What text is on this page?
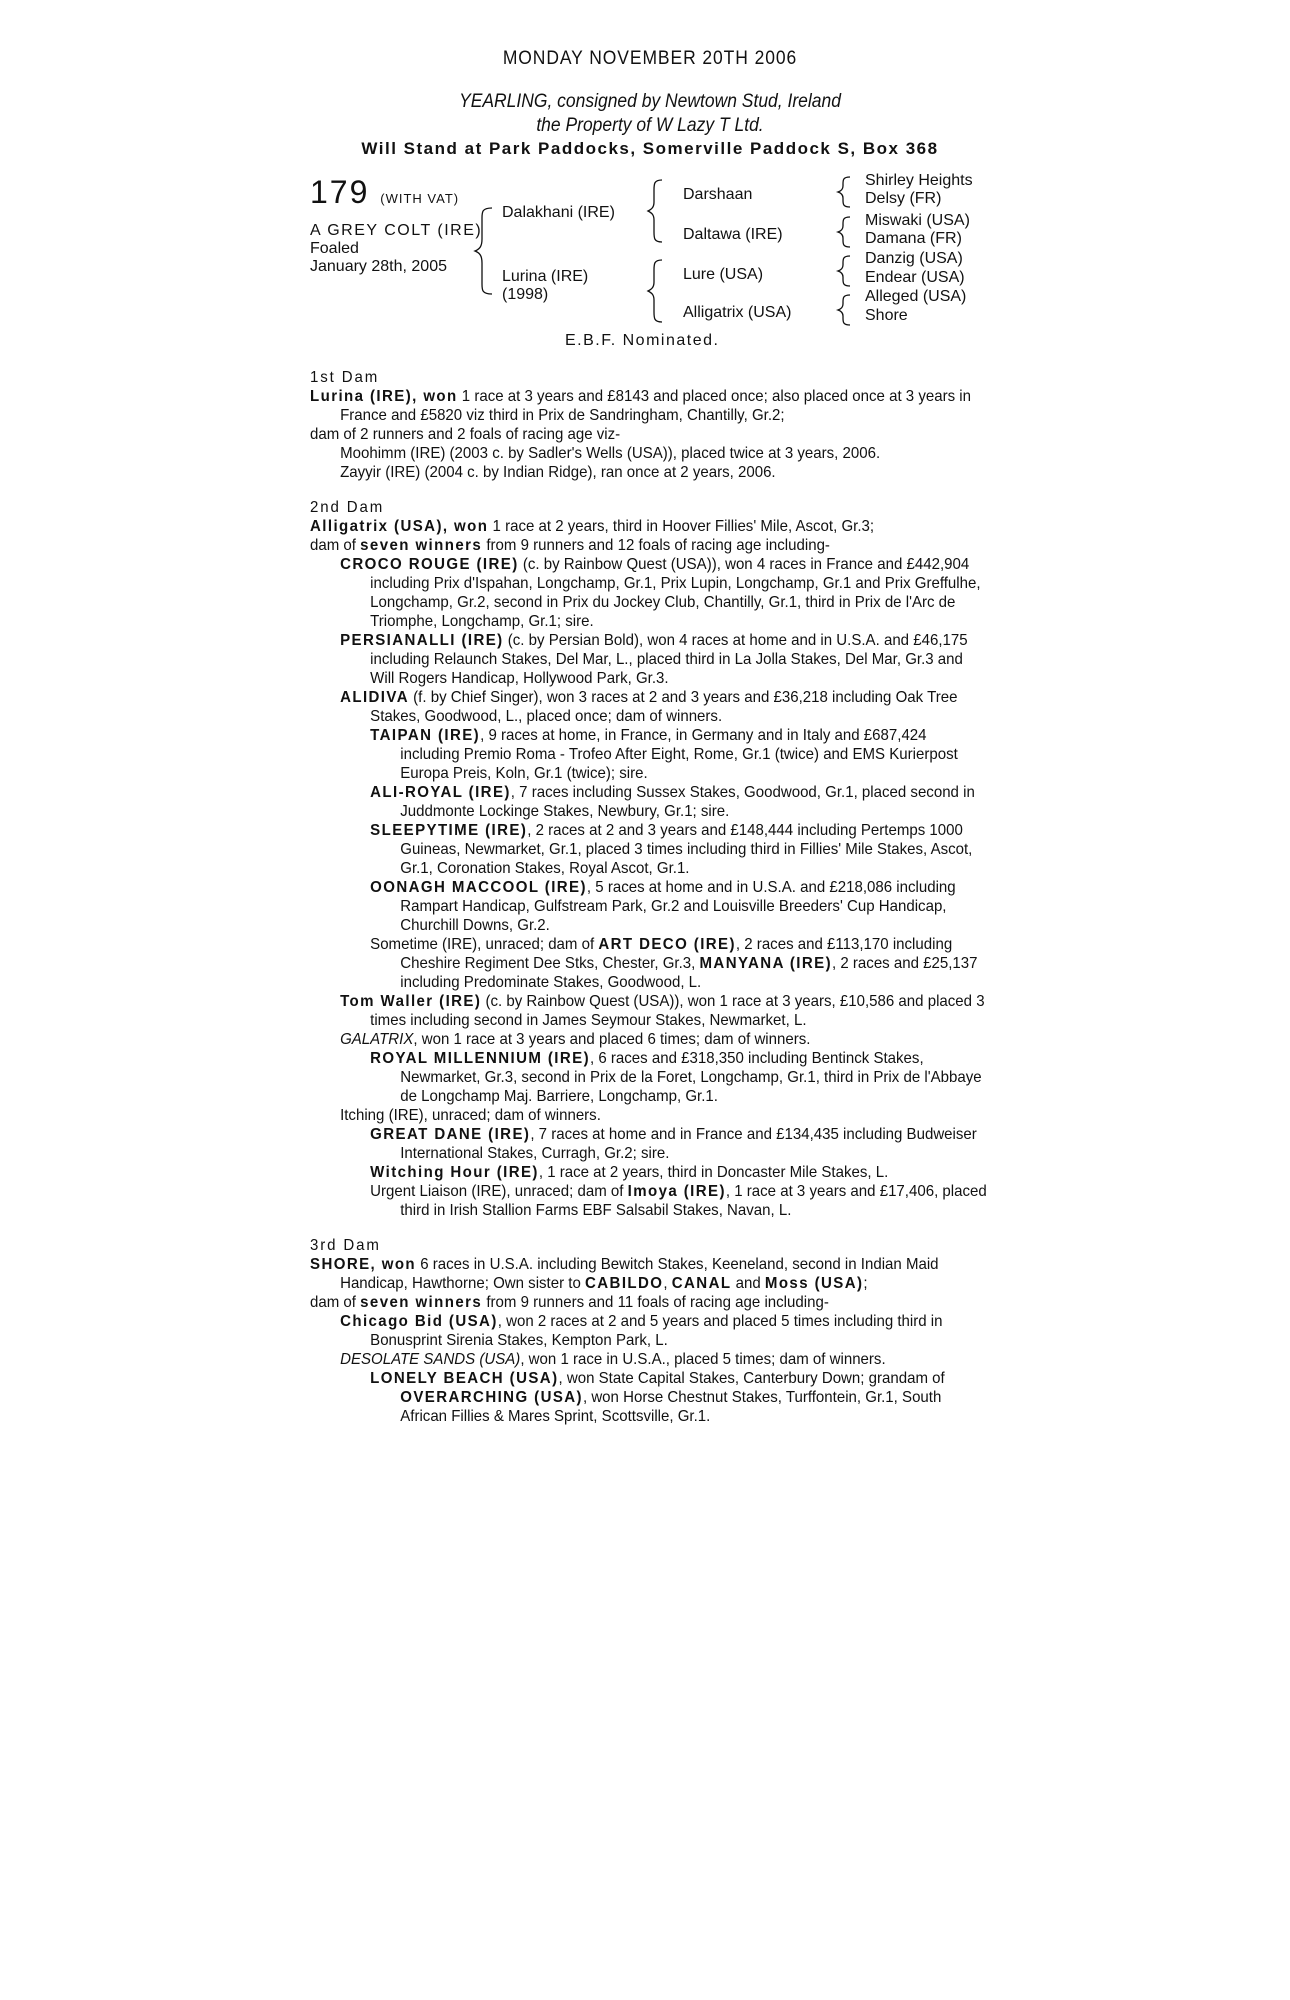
MONDAY NOVEMBER 20TH 2006
YEARLING, consigned by Newtown Stud, Ireland
the Property of W Lazy T Ltd.
Will Stand at Park Paddocks, Somerville Paddock S, Box 368
179 (WITH VAT)
A GREY COLT (IRE)
Foaled
January 28th, 2005
Dalakhani (IRE)
Lurina (IRE)
(1998)
Darshaan
Daltawa (IRE)
Lure (USA)
Alligatrix (USA)
Shirley Heights
Delsy (FR)
Miswaki (USA)
Damana (FR)
Danzig (USA)
Endear (USA)
Alleged (USA)
Shore
E.B.F. Nominated.

1st Dam

Lurina (IRE), won 1 race at 3 years and £8143 and placed once; also placed once at 3 years in France and £5820 viz third in Prix de Sandringham, Chantilly, Gr.2;

dam of 2 runners and 2 foals of racing age viz-

Moohimm (IRE) (2003 c. by Sadler's Wells (USA)), placed twice at 3 years, 2006.

Zayyir (IRE) (2004 c. by Indian Ridge), ran once at 2 years, 2006.

2nd Dam

Alligatrix (USA), won 1 race at 2 years, third in Hoover Fillies' Mile, Ascot, Gr.3;

dam of seven winners from 9 runners and 12 foals of racing age including-

CROCO ROUGE (IRE) (c. by Rainbow Quest (USA)), won 4 races in France and £442,904 including Prix d'Ispahan, Longchamp, Gr.1, Prix Lupin, Longchamp, Gr.1 and Prix Greffulhe, Longchamp, Gr.2, second in Prix du Jockey Club, Chantilly, Gr.1, third in Prix de l'Arc de Triomphe, Longchamp, Gr.1; sire.

PERSIANALLI (IRE) (c. by Persian Bold), won 4 races at home and in U.S.A. and £46,175 including Relaunch Stakes, Del Mar, L., placed third in La Jolla Stakes, Del Mar, Gr.3 and Will Rogers Handicap, Hollywood Park, Gr.3.

ALIDIVA (f. by Chief Singer), won 3 races at 2 and 3 years and £36,218 including Oak Tree Stakes, Goodwood, L., placed once; dam of winners.

TAIPAN (IRE), 9 races at home, in France, in Germany and in Italy and £687,424 including Premio Roma - Trofeo After Eight, Rome, Gr.1 (twice) and EMS Kurierpost Europa Preis, Koln, Gr.1 (twice); sire.

ALI-ROYAL (IRE), 7 races including Sussex Stakes, Goodwood, Gr.1, placed second in Juddmonte Lockinge Stakes, Newbury, Gr.1; sire.

SLEEPYTIME (IRE), 2 races at 2 and 3 years and £148,444 including Pertemps 1000 Guineas, Newmarket, Gr.1, placed 3 times including third in Fillies' Mile Stakes, Ascot, Gr.1, Coronation Stakes, Royal Ascot, Gr.1.

OONAGH MACCOOL (IRE), 5 races at home and in U.S.A. and £218,086 including Rampart Handicap, Gulfstream Park, Gr.2 and Louisville Breeders' Cup Handicap, Churchill Downs, Gr.2.

Sometime (IRE), unraced; dam of ART DECO (IRE), 2 races and £113,170 including Cheshire Regiment Dee Stks, Chester, Gr.3, MANYANA (IRE), 2 races and £25,137 including Predominate Stakes, Goodwood, L.

Tom Waller (IRE) (c. by Rainbow Quest (USA)), won 1 race at 3 years, £10,586 and placed 3 times including second in James Seymour Stakes, Newmarket, L.

GALATRIX, won 1 race at 3 years and placed 6 times; dam of winners.

ROYAL MILLENNIUM (IRE), 6 races and £318,350 including Bentinck Stakes, Newmarket, Gr.3, second in Prix de la Foret, Longchamp, Gr.1, third in Prix de l'Abbaye de Longchamp Maj. Barriere, Longchamp, Gr.1.

Itching (IRE), unraced; dam of winners.

GREAT DANE (IRE), 7 races at home and in France and £134,435 including Budweiser International Stakes, Curragh, Gr.2; sire.

Witching Hour (IRE), 1 race at 2 years, third in Doncaster Mile Stakes, L.

Urgent Liaison (IRE), unraced; dam of Imoya (IRE), 1 race at 3 years and £17,406, placed third in Irish Stallion Farms EBF Salsabil Stakes, Navan, L.

3rd Dam

SHORE, won 6 races in U.S.A. including Bewitch Stakes, Keeneland, second in Indian Maid Handicap, Hawthorne; Own sister to CABILDO, CANAL and Moss (USA);

dam of seven winners from 9 runners and 11 foals of racing age including-

Chicago Bid (USA), won 2 races at 2 and 5 years and placed 5 times including third in Bonusprint Sirenia Stakes, Kempton Park, L.

DESOLATE SANDS (USA), won 1 race in U.S.A., placed 5 times; dam of winners.

LONELY BEACH (USA), won State Capital Stakes, Canterbury Down; grandam of OVERARCHING (USA), won Horse Chestnut Stakes, Turffontein, Gr.1, South African Fillies & Mares Sprint, Scottsville, Gr.1.
